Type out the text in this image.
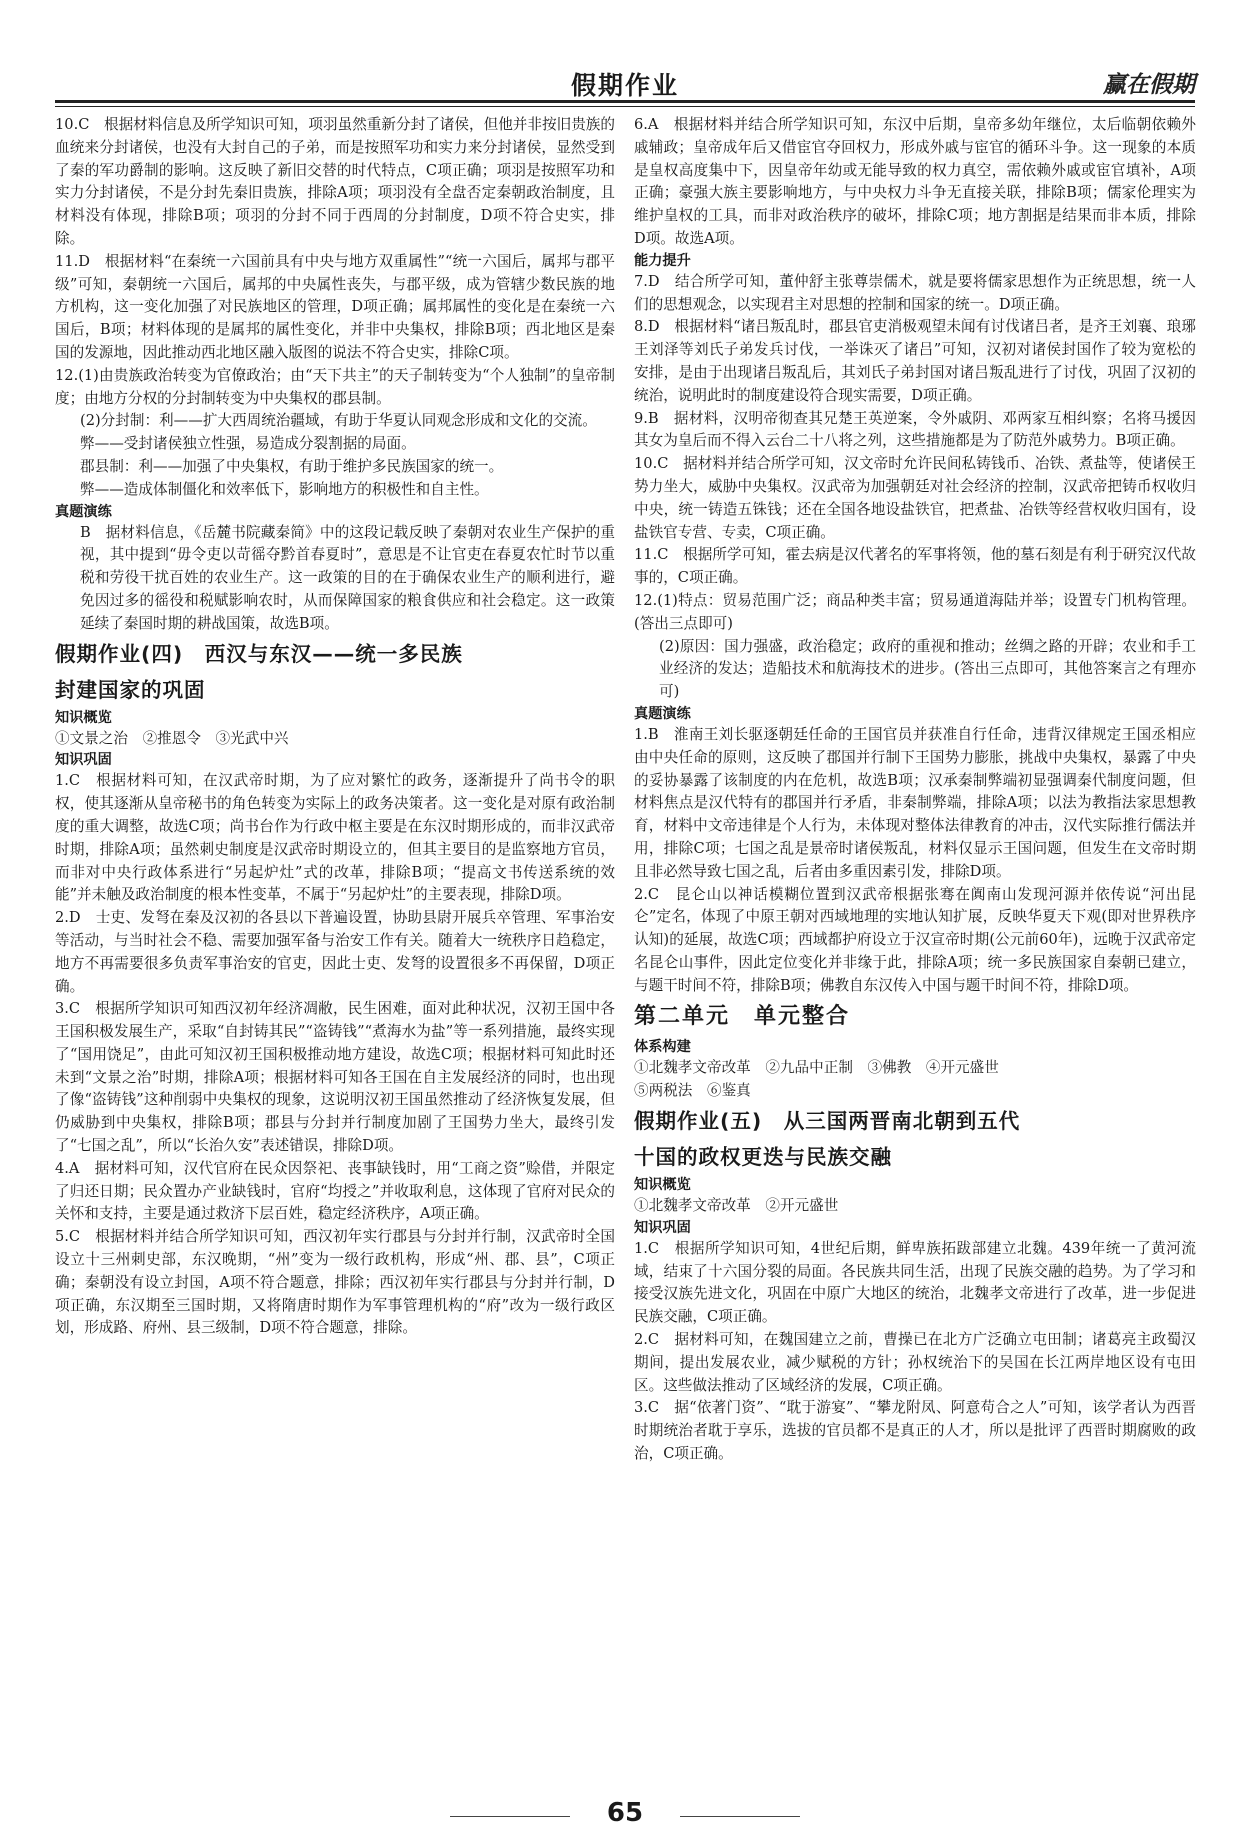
假期作业	赢在假期

10.C　根据材料信息及所学知识可知，项羽虽然重新分封了诸侯，但他并非按旧贵族的血统来分封诸侯，也没有大封自己的子弟，而是按照军功和实力来分封诸侯，显然受到了秦的军功爵制的影响。这反映了新旧交替的时代特点，C项正确；项羽是按照军功和实力分封诸侯，不是分封先秦旧贵族，排除A项；项羽没有全盘否定秦朝政治制度，且材料没有体现，排除B项；项羽的分封不同于西周的分封制度，D项不符合史实，排除。

11.D　根据材料“在秦统一六国前具有中央与地方双重属性”“统一六国后，属邦与郡平级”可知，秦朝统一六国后，属邦的中央属性丧失，与郡平级，成为管辖少数民族的地方机构，这一变化加强了对民族地区的管理，D项正确；属邦属性的变化是在秦统一六国后，B项；材料体现的是属邦的属性变化，并非中央集权，排除B项；西北地区是秦国的发源地，因此推动西北地区融入版图的说法不符合史实，排除C项。

12.(1)由贵族政治转变为官僚政治；由“天下共主”的天子制转变为“个人独制”的皇帝制度；由地方分权的分封制转变为中央集权的郡县制。

(2)分封制：利——扩大西周统治疆域，有助于华夏认同观念形成和文化的交流。

弊——受封诸侯独立性强，易造成分裂割据的局面。

郡县制：利——加强了中央集权，有助于维护多民族国家的统一。

弊——造成体制僵化和效率低下，影响地方的积极性和自主性。

真题演练

B　据材料信息，《岳麓书院藏秦简》中的这段记载反映了秦朝对农业生产保护的重视，其中提到“毋令吏以苛徭夺黔首春夏时”，意思是不让官吏在春夏农忙时节以重税和劳役干扰百姓的农业生产。这一政策的目的在于确保农业生产的顺利进行，避免因过多的徭役和税赋影响农时，从而保障国家的粮食供应和社会稳定。这一政策延续了秦国时期的耕战国策，故选B项。

假期作业(四)　西汉与东汉——统一多民族

封建国家的巩固

知识概览

①文景之治　②推恩令　③光武中兴

知识巩固

1.C　根据材料可知，在汉武帝时期，为了应对繁忙的政务，逐渐提升了尚书令的职权，使其逐渐从皇帝秘书的角色转变为实际上的政务决策者。这一变化是对原有政治制度的重大调整，故选C项；尚书台作为行政中枢主要是在东汉时期形成的，而非汉武帝时期，排除A项；虽然刺史制度是汉武帝时期设立的，但其主要目的是监察地方官员，而非对中央行政体系进行“另起炉灶”式的改革，排除B项；“提高文书传送系统的效能”并未触及政治制度的根本性变革，不属于“另起炉灶”的主要表现，排除D项。

2.D　士吏、发弩在秦及汉初的各县以下普遍设置，协助县尉开展兵卒管理、军事治安等活动，与当时社会不稳、需要加强军备与治安工作有关。随着大一统秩序日趋稳定，地方不再需要很多负责军事治安的官吏，因此士吏、发弩的设置很多不再保留，D项正确。

3.C　根据所学知识可知西汉初年经济凋敝，民生困难，面对此种状况，汉初王国中各王国积极发展生产，采取“自封铸其民”“盗铸钱”“煮海水为盐”等一系列措施，最终实现了“国用饶足”，由此可知汉初王国积极推动地方建设，故选C项；根据材料可知此时还未到“文景之治”时期，排除A项；根据材料可知各王国在自主发展经济的同时，也出现了像“盗铸钱”这种削弱中央集权的现象，这说明汉初王国虽然推动了经济恢复发展，但仍威胁到中央集权，排除B项；郡县与分封并行制度加剧了王国势力坐大，最终引发了“七国之乱”，所以“长治久安”表述错误，排除D项。

4.A　据材料可知，汉代官府在民众因祭祀、丧事缺钱时，用“工商之资”赊借，并限定了归还日期；民众置办产业缺钱时，官府“均授之”并收取利息，这体现了官府对民众的关怀和支持，主要是通过救济下层百姓，稳定经济秩序，A项正确。

5.C　根据材料并结合所学知识可知，西汉初年实行郡县与分封并行制，汉武帝时全国设立十三州刺史部，东汉晚期，“州”变为一级行政机构，形成“州、郡、县”，C项正确；秦朝没有设立封国，A项不符合题意，排除；西汉初年实行郡县与分封并行制，D项正确，东汉期至三国时期，又将隋唐时期作为军事管理机构的“府”改为一级行政区划，形成路、府州、县三级制，D项不符合题意，排除。

6.A　根据材料并结合所学知识可知，东汉中后期，皇帝多幼年继位，太后临朝依赖外戚辅政；皇帝成年后又借宦官夺回权力，形成外戚与宦官的循环斗争。这一现象的本质是皇权高度集中下，因皇帝年幼或无能导致的权力真空，需依赖外戚或宦官填补，A项正确；豪强大族主要影响地方，与中央权力斗争无直接关联，排除B项；儒家伦理实为维护皇权的工具，而非对政治秩序的破坏，排除C项；地方割据是结果而非本质，排除D项。故选A项。

能力提升

7.D　结合所学可知，董仲舒主张尊崇儒术，就是要将儒家思想作为正统思想，统一人们的思想观念，以实现君主对思想的控制和国家的统一。D项正确。

8.D　根据材料“诸吕叛乱时，郡县官吏消极观望未闻有讨伐诸吕者，是齐王刘襄、琅琊王刘泽等刘氏子弟发兵讨伐，一举诛灭了诸吕”可知，汉初对诸侯封国作了较为宽松的安排，是由于出现诸吕叛乱后，其刘氏子弟封国对诸吕叛乱进行了讨伐，巩固了汉初的统治，说明此时的制度建设符合现实需要，D项正确。

9.B　据材料，汉明帝彻查其兄楚王英逆案，令外戚阴、邓两家互相纠察；名将马援因其女为皇后而不得入云台二十八将之列，这些措施都是为了防范外戚势力。B项正确。

10.C　据材料并结合所学可知，汉文帝时允许民间私铸钱币、冶铁、煮盐等，使诸侯王势力坐大，威胁中央集权。汉武帝为加强朝廷对社会经济的控制，汉武帝把铸币权收归中央，统一铸造五铢钱；还在全国各地设盐铁官，把煮盐、冶铁等经营权收归国有，设盐铁官专营、专卖，C项正确。

11.C　根据所学可知，霍去病是汉代著名的军事将领，他的墓石刻是有利于研究汉代故事的，C项正确。

12.(1)特点：贸易范围广泛；商品种类丰富；贸易通道海陆并举；设置专门机构管理。(答出三点即可)

(2)原因：国力强盛，政治稳定；政府的重视和推动；丝绸之路的开辟；农业和手工业经济的发达；造船技术和航海技术的进步。(答出三点即可，其他答案言之有理亦可)

真题演练

1.B　淮南王刘长驱逐朝廷任命的王国官员并获准自行任命，违背汉律规定王国丞相应由中央任命的原则，这反映了郡国并行制下王国势力膨胀，挑战中央集权，暴露了中央的妥协暴露了该制度的内在危机，故选B项；汉承秦制弊端初显强调秦代制度问题，但材料焦点是汉代特有的郡国并行矛盾，非秦制弊端，排除A项；以法为教指法家思想教育，材料中文帝违律是个人行为，未体现对整体法律教育的冲击，汉代实际推行儒法并用，排除C项；七国之乱是景帝时诸侯叛乱，材料仅显示王国问题，但发生在文帝时期且非必然导致七国之乱，后者由多重因素引发，排除D项。

2.C　昆仑山以神话模糊位置到汉武帝根据张骞在阗南山发现河源并依传说“河出昆仑”定名，体现了中原王朝对西域地理的实地认知扩展，反映华夏天下观(即对世界秩序认知)的延展，故选C项；西域都护府设立于汉宣帝时期(公元前60年)，远晚于汉武帝定名昆仑山事件，因此定位变化并非缘于此，排除A项；统一多民族国家自秦朝已建立，与题干时间不符，排除B项；佛教自东汉传入中国与题干时间不符，排除D项。

第二单元　单元整合

体系构建

①北魏孝文帝改革　②九品中正制　③佛教　④开元盛世

⑤两税法　⑥鉴真

假期作业(五)　从三国两晋南北朝到五代

十国的政权更迭与民族交融

知识概览

①北魏孝文帝改革　②开元盛世

知识巩固

1.C　根据所学知识可知，4世纪后期，鲜卑族拓跋部建立北魏。439年统一了黄河流域，结束了十六国分裂的局面。各民族共同生活，出现了民族交融的趋势。为了学习和接受汉族先进文化，巩固在中原广大地区的统治，北魏孝文帝进行了改革，进一步促进民族交融，C项正确。

2.C　据材料可知，在魏国建立之前，曹操已在北方广泛确立屯田制；诸葛亮主政蜀汉期间，提出发展农业，减少赋税的方针；孙权统治下的吴国在长江两岸地区设有屯田区。这些做法推动了区域经济的发展，C项正确。

3.C　据“依著门资”、“耽于游宴”、“攀龙附凤、阿意苟合之人”可知，该学者认为西晋时期统治者耽于享乐，选拔的官员都不是真正的人才，所以是批评了西晋时期腐败的政治，C项正确。

65
